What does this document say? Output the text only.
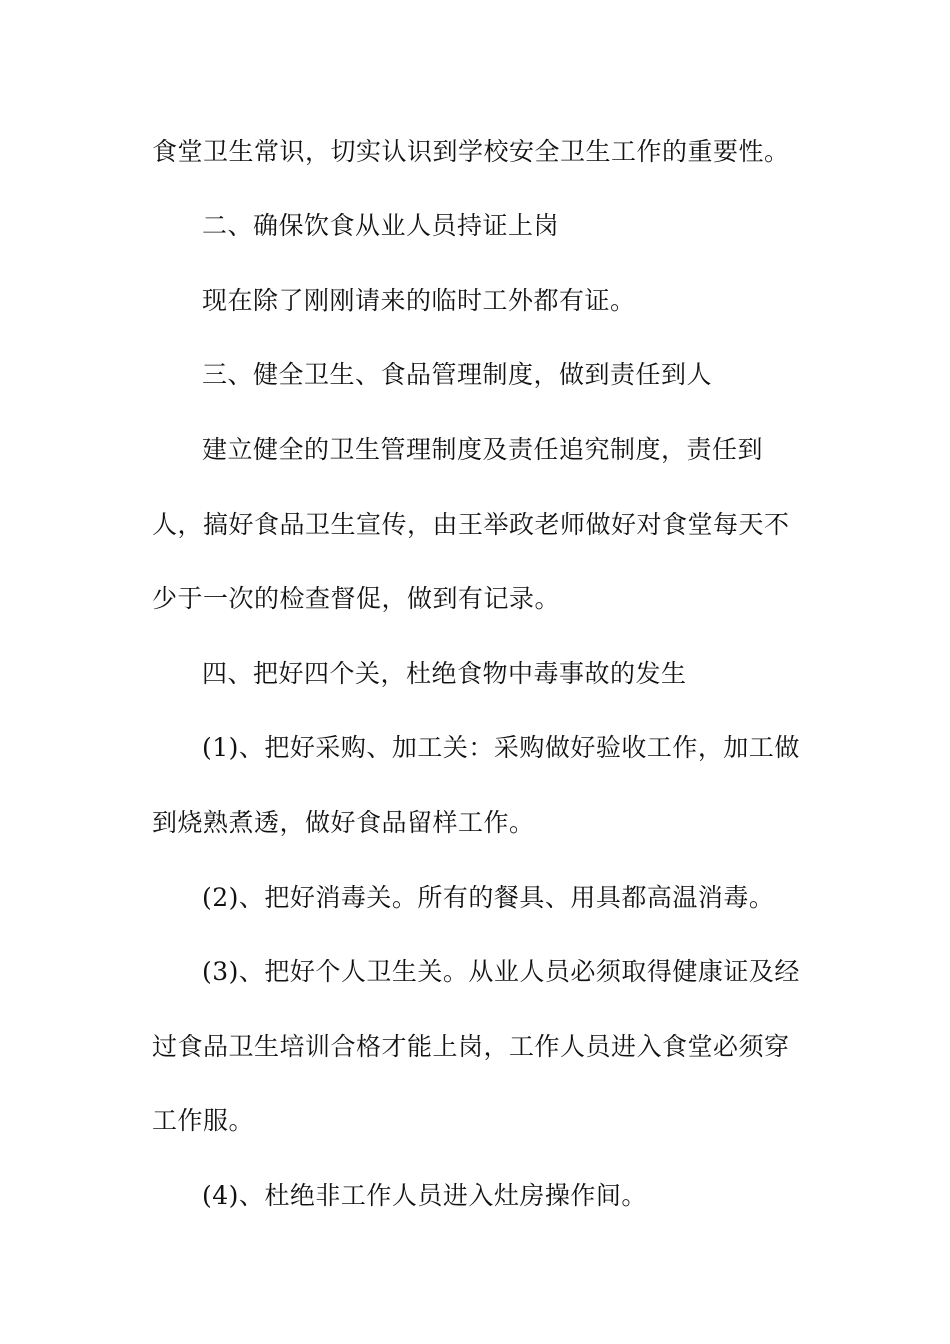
食堂卫生常识，切实认识到学校安全卫生工作的重要性。
二、确保饮食从业人员持证上岗
现在除了刚刚请来的临时工外都有证。
三、健全卫生、食品管理制度，做到责任到人
建立健全的卫生管理制度及责任追究制度，责任到
人，搞好食品卫生宣传，由王举政老师做好对食堂每天不
少于一次的检查督促，做到有记录。
四、把好四个关，杜绝食物中毒事故的发生
(1)、把好采购、加工关：采购做好验收工作，加工做
到烧熟煮透，做好食品留样工作。
(2)、把好消毒关。所有的餐具、用具都高温消毒。
(3)、把好个人卫生关。从业人员必须取得健康证及经
过食品卫生培训合格才能上岗，工作人员进入食堂必须穿
工作服。
(4)、杜绝非工作人员进入灶房操作间。
